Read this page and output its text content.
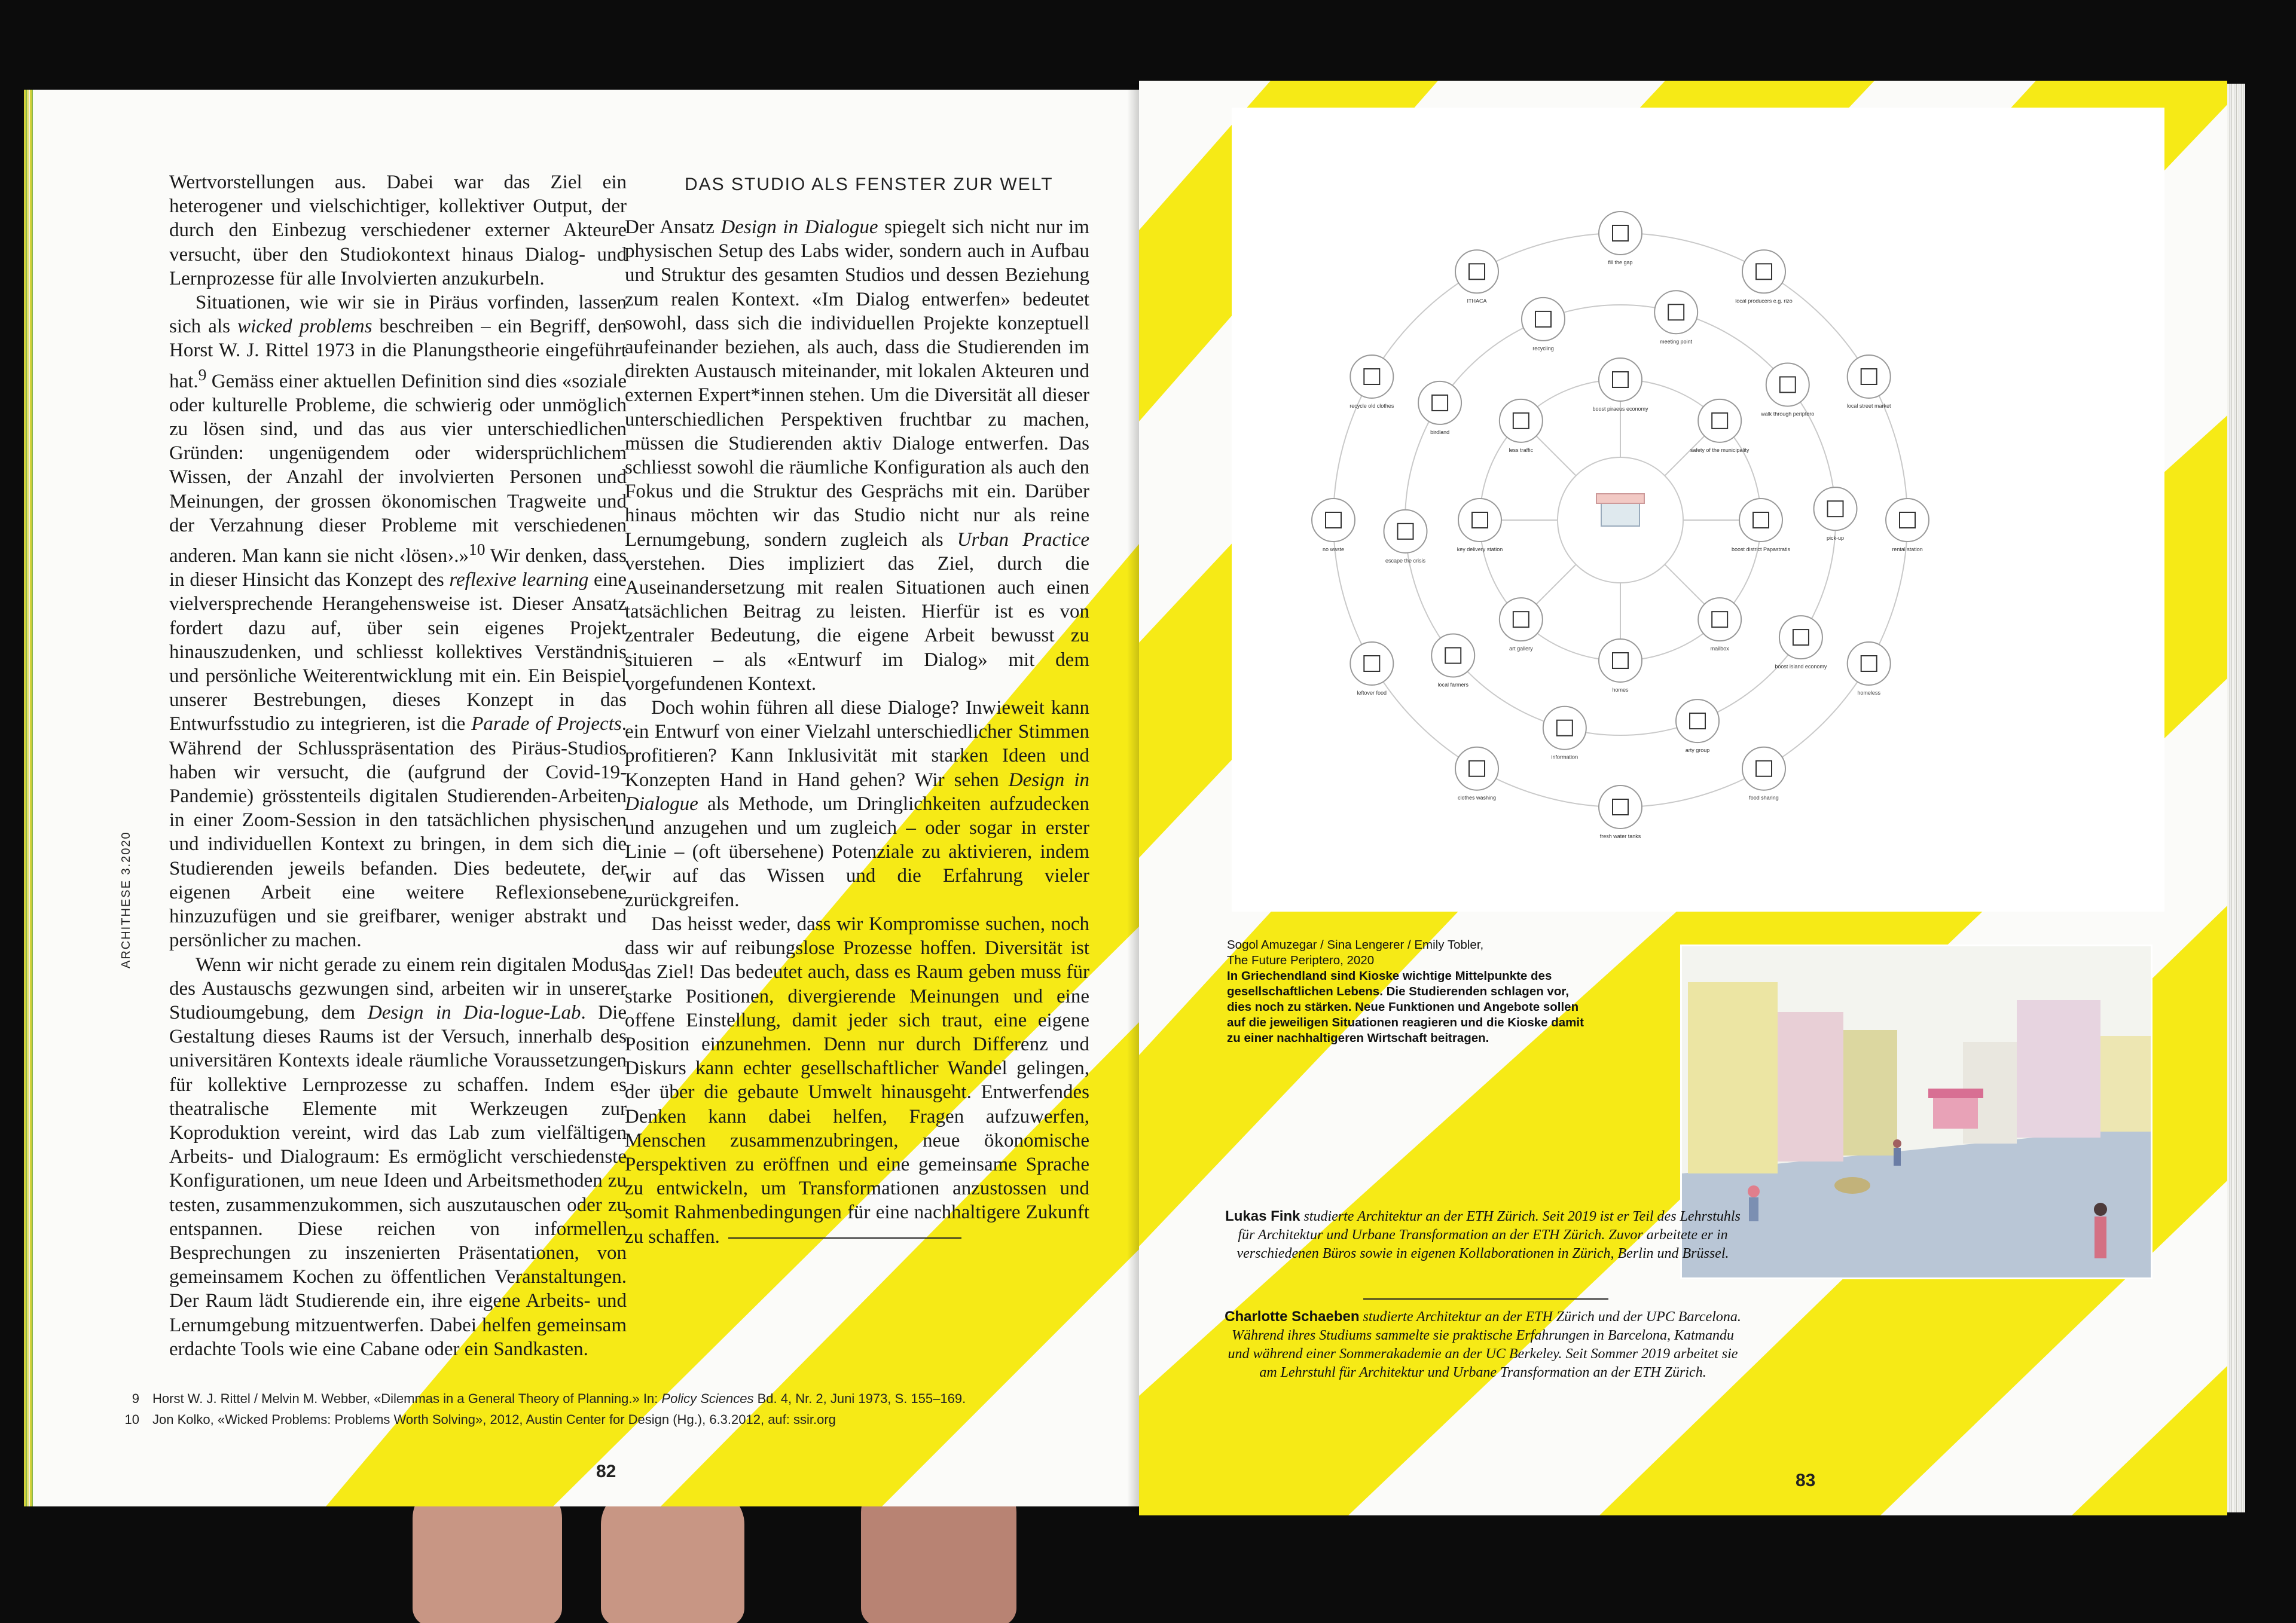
ARCHITHESE 3.2020

Wertvorstellungen aus. Dabei war das Ziel ein heterogener und vielschichtiger, kollektiver Output, der durch den Einbezug verschiedener externer Akteure versucht, über den Studiokontext hinaus Dialog- und Lernprozesse für alle Involvierten anzukurbeln.

Situationen, wie wir sie in Piräus vorfinden, lassen sich als wicked problems beschreiben – ein Begriff, den Horst W. J. Rittel 1973 in die Planungstheorie eingeführt hat.$^9$ Gemäss einer aktuellen Definition sind dies «soziale oder kulturelle Probleme, die schwierig oder unmöglich zu lösen sind, und das aus vier unterschiedlichen Gründen: ungenügendem oder widersprüchlichem Wissen, der Anzahl der involvierten Personen und Meinungen, der grossen ökonomischen Tragweite und der Verzahnung dieser Probleme mit verschiedenen anderen. Man kann sie nicht ‹lösen›.»$^{10}$ Wir denken, dass in dieser Hinsicht das Konzept des reflexive learning eine vielversprechende Herangehensweise ist. Dieser Ansatz fordert dazu auf, über sein eigenes Projekt hinauszudenken, und schliesst kollektives Verständnis und persönliche Weiterentwicklung mit ein. Ein Beispiel unserer Bestrebungen, dieses Konzept in das Entwurfsstudio zu integrieren, ist die Parade of Projects. Während der Schlusspräsentation des Piräus-Studios haben wir versucht, die (aufgrund der Covid-19-Pandemie) grösstenteils digitalen Studierenden-Arbeiten in einer Zoom-Session in den tatsächlichen physischen und individuellen Kontext zu bringen, in dem sich die Studierenden jeweils befanden. Dies bedeutete, der eigenen Arbeit eine weitere Reflexionsebene hinzuzufügen und sie greifbarer, weniger abstrakt und persönlicher zu machen.

Wenn wir nicht gerade zu einem rein digitalen Modus des Austauschs gezwungen sind, arbeiten wir in unserer Studioumgebung, dem Design in Dia-logue-Lab. Die Gestaltung dieses Raums ist der Versuch, innerhalb des universitären Kontexts ideale räumliche Voraussetzungen für kollektive Lernprozesse zu schaffen. Indem es theatralische Elemente mit Werkzeugen zur Koproduktion vereint, wird das Lab zum vielfältigen Arbeits- und Dialograum: Es ermöglicht verschiedenste Konfigurationen, um neue Ideen und Arbeitsmethoden zu testen, zusammenzukommen, sich auszutauschen oder zu entspannen. Diese reichen von informellen Besprechungen zu inszenierten Präsentationen, von gemeinsamem Kochen zu öffentlichen Veranstaltungen. Der Raum lädt Studierende ein, ihre eigene Arbeits- und Lernumgebung mitzuentwerfen. Dabei helfen gemeinsam erdachte Tools wie eine Cabane oder ein Sandkasten.

DAS STUDIO ALS FENSTER ZUR WELT

Der Ansatz Design in Dialogue spiegelt sich nicht nur im physischen Setup des Labs wider, sondern auch in Aufbau und Struktur des gesamten Studios und dessen Beziehung zum realen Kontext. «Im Dialog entwerfen» bedeutet sowohl, dass sich die individuellen Projekte konzeptuell aufeinander beziehen, als auch, dass die Studierenden im direkten Austausch miteinander, mit lokalen Akteuren und externen Expert*innen stehen. Um die Diversität all dieser unterschiedlichen Perspektiven fruchtbar zu machen, müssen die Studierenden aktiv Dialoge entwerfen. Das schliesst sowohl die räumliche Konfiguration als auch den Fokus und die Struktur des Gesprächs mit ein. Darüber hinaus möchten wir das Studio nicht nur als reine Lernumgebung, sondern zugleich als Urban Practice verstehen. Dies impliziert das Ziel, durch die Auseinandersetzung mit realen Situationen auch einen tatsächlichen Beitrag zu leisten. Hierfür ist es von zentraler Bedeutung, die eigene Arbeit bewusst zu situieren – als «Entwurf im Dialog» mit dem vorgefundenen Kontext.

Doch wohin führen all diese Dialoge? Inwieweit kann ein Entwurf von einer Vielzahl unterschiedlicher Stimmen profitieren? Kann Inklusivität mit starken Ideen und Konzepten Hand in Hand gehen? Wir sehen Design in Dialogue als Methode, um Dringlichkeiten aufzudecken und anzugehen und um zugleich – oder sogar in erster Linie – (oft übersehene) Potenziale zu aktivieren, indem wir auf das Wissen und die Erfahrung vieler zurückgreifen.

Das heisst weder, dass wir Kompromisse suchen, noch dass wir auf reibungslose Prozesse hoffen. Diversität ist das Ziel! Das bedeutet auch, dass es Raum geben muss für starke Positionen, divergierende Meinungen und eine offene Einstellung, damit jeder sich traut, eine eigene Position einzunehmen. Denn nur durch Differenz und Diskurs kann echter gesellschaftlicher Wandel gelingen, der über die gebaute Umwelt hinausgeht. Entwerfendes Denken kann dabei helfen, Fragen aufzuwerfen, Menschen zusammenzubringen, neue ökonomische Perspektiven zu eröffnen und eine gemeinsame Sprache zu entwickeln, um Transformationen anzustossen und somit Rahmenbedingungen für eine nachhaltigere Zukunft zu schaffen.

9 Horst W. J. Rittel / Melvin M. Webber, «Dilemmas in a General Theory of Planning.» In: Policy Sciences Bd. 4, Nr. 2, Juni 1973, S. 155–169.
10 Jon Kolko, «Wicked Problems: Problems Worth Solving», 2012, Austin Center for Design (Hg.), 6.3.2012, auf: ssir.org
82
boost piraeus economy
safety of the municipality
boost district Papastratis
mailbox
homes
art gallery
key delivery station
less traffic
meeting point
walk through periptero
pick-up
boost island economy
arty group
information
local farmers
escape the crisis
birdland
recycling
local producers e.g. rizo
local street market
rental station
homeless
food sharing
fresh water tanks
clothes washing
leftover food
no waste
recycle old clothes
ITHACA
fill the gap
Sogol Amuzegar / Sina Lengerer / Emily Tobler,
The Future Periptero, 2020
In Griechendland sind Kioske wichtige Mittelpunkte des gesellschaftlichen Lebens. Die Studierenden schlagen vor, dies noch zu stärken. Neue Funktionen und Angebote sollen auf die jeweiligen Situationen reagieren und die Kioske damit zu einer nachhaltigeren Wirtschaft beitragen.
Lukas Fink studierte Architektur an der ETH Zürich. Seit 2019 ist er Teil des Lehrstuhls für Architektur und Urbane Transformation an der ETH Zürich. Zuvor arbeitete er in verschiedenen Büros sowie in eigenen Kollaborationen in Zürich, Berlin und Brüssel.
Charlotte Schaeben studierte Architektur an der ETH Zürich und der UPC Barcelona. Während ihres Studiums sammelte sie praktische Erfahrungen in Barcelona, Katmandu und während einer Sommerakademie an der UC Berkeley. Seit Sommer 2019 arbeitet sie am Lehrstuhl für Architektur und Urbane Transformation an der ETH Zürich.
83
